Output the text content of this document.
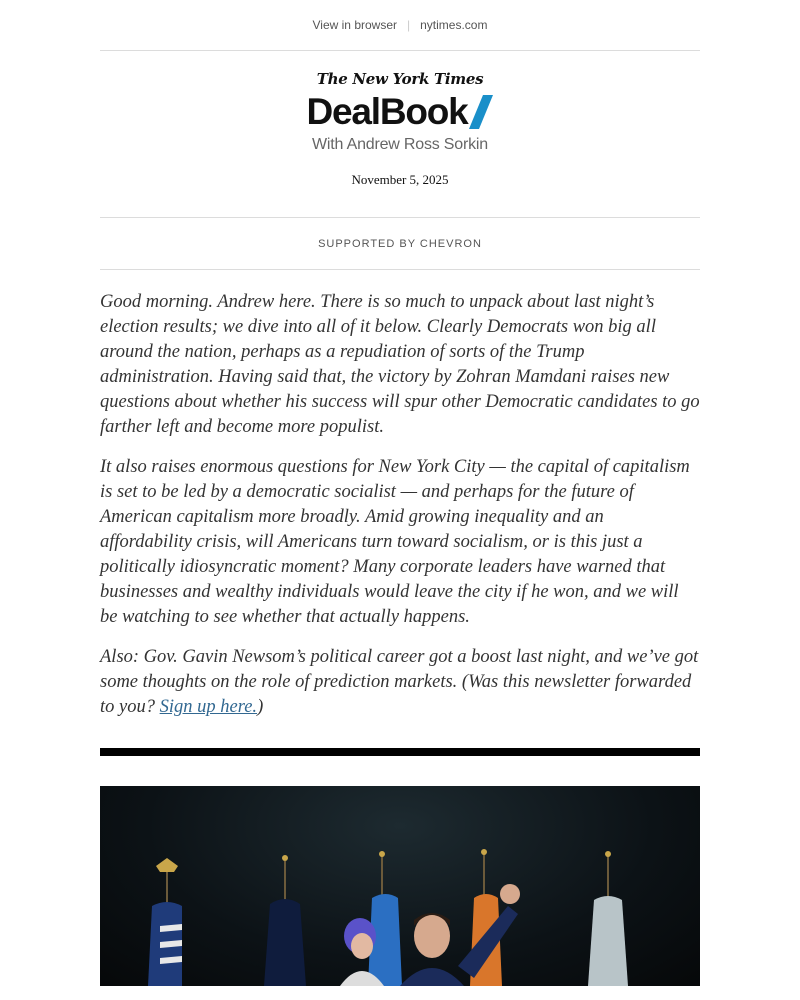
View in browser | nytimes.com
The New York Times
DealBook
With Andrew Ross Sorkin
November 5, 2025
SUPPORTED BY CHEVRON

Good morning. Andrew here. There is so much to unpack about last night’s election results; we dive into all of it below. Clearly Democrats won big all around the nation, perhaps as a repudiation of sorts of the Trump administration. Having said that, the victory by Zohran Mamdani raises new questions about whether his success will spur other Democratic candidates to go farther left and become more populist.

It also raises enormous questions for New York City — the capital of capitalism is set to be led by a democratic socialist — and perhaps for the future of American capitalism more broadly. Amid growing inequality and an affordability crisis, will Americans turn toward socialism, or is this just a politically idiosyncratic moment? Many corporate leaders have warned that businesses and wealthy individuals would leave the city if he won, and we will be watching to see whether that actually happens.

Also: Gov. Gavin Newsom’s political career got a boost last night, and we’ve got some thoughts on the role of prediction markets. (Was this newsletter forwarded to you? Sign up here.)
